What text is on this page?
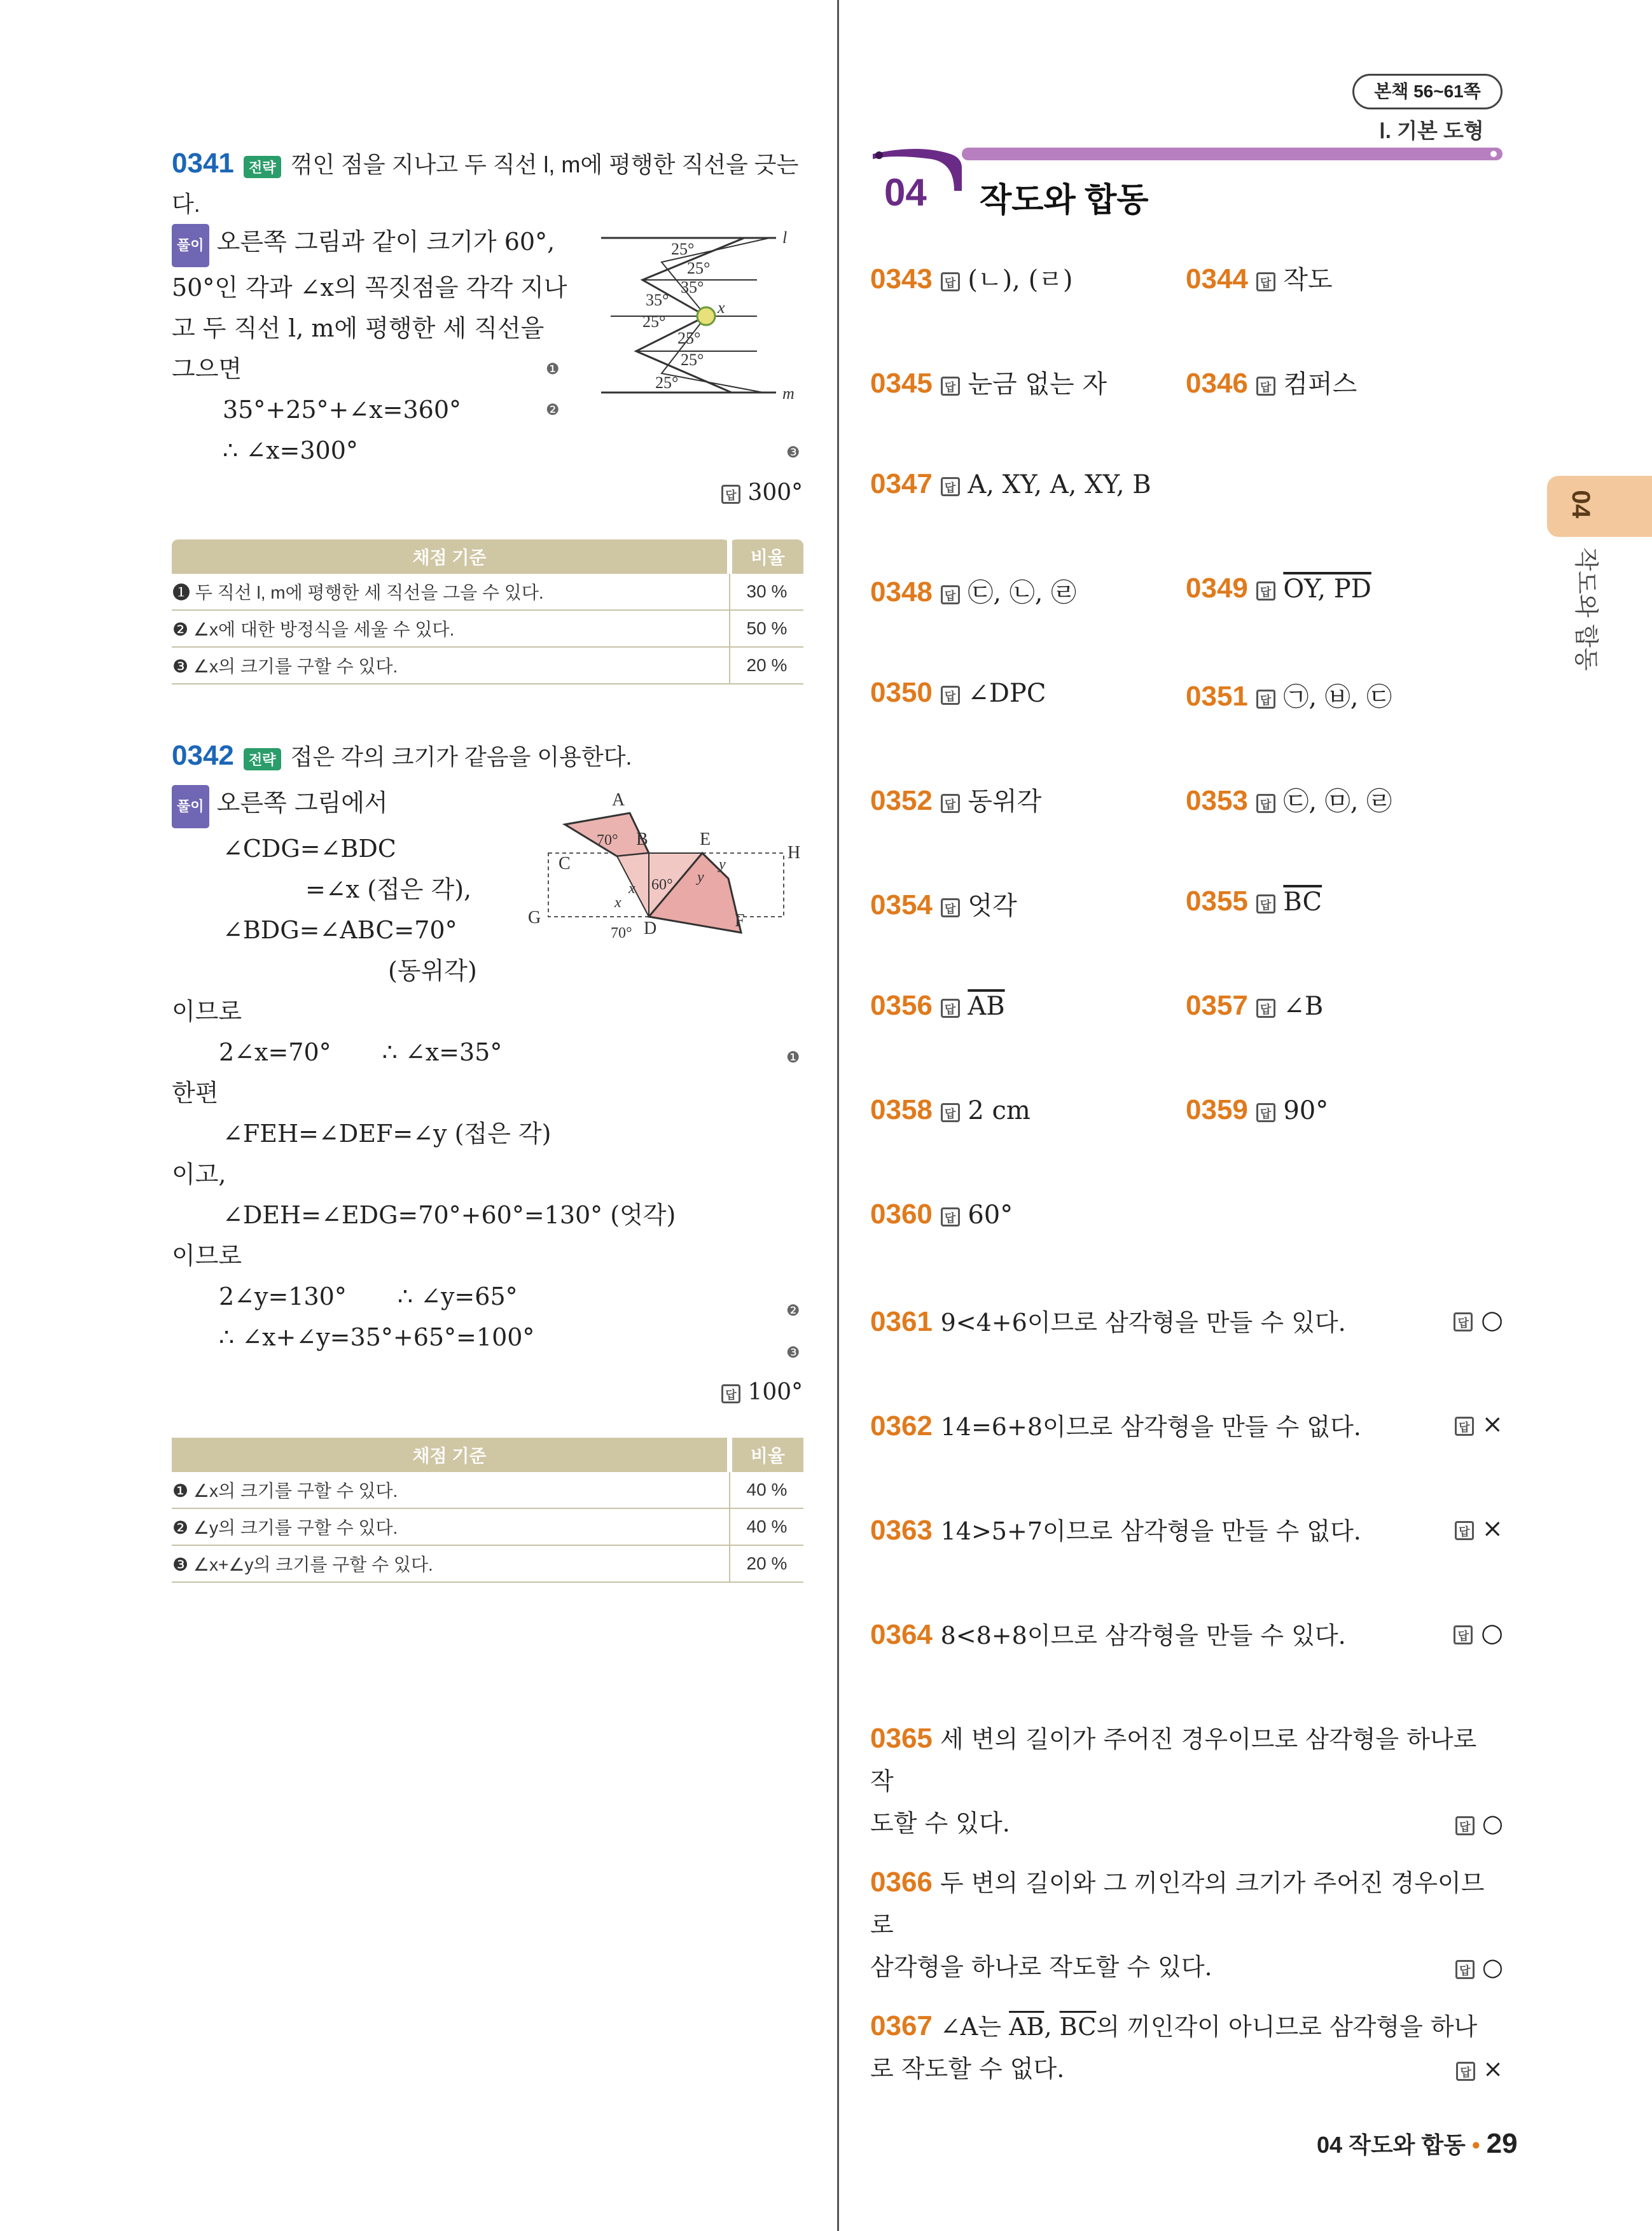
본책 56~61쪽
Ⅰ. 기본 도형
04 작도와 합동
04
작도와 합동
0341 전략 꺾인 점을 지나고 두 직선 l, m에 평행한 직선을 긋는다.
풀이 오른쪽 그림과 같이 크기가 60°,
50°인 각과 ∠x의 꼭짓점을 각각 지나
고 두 직선 l, m에 평행한 세 직선을
그으면
35°+25°+∠x=360°
∴ ∠x=300°
❶
❷
❸
답 300°
l
m
x
25°
25°
35°
35°
25°
25°
25°
25°
채점 기준	비율
❶ 두 직선 l, m에 평행한 세 직선을 그을 수 있다.	30 %
❷ ∠x에 대한 방정식을 세울 수 있다.	50 %
❸ ∠x의 크기를 구할 수 있다.	20 %
0342 전략 접은 각의 크기가 같음을 이용한다.
풀이 오른쪽 그림에서
∠CDG=∠BDC
=∠x (접은 각),
∠BDG=∠ABC=70°
(동위각)
이므로
2∠x=70° ∴ ∠x=35°
한편
∠FEH=∠DEF=∠y (접은 각)
이고,
∠DEH=∠EDG=70°+60°=130° (엇각)
이므로
2∠y=130° ∴ ∠y=65°
∴ ∠x+∠y=35°+65°=100°
❶
❷
❸
답 100°
A
B
C
D
E
F
G
H
70°
60°
70°
x
x
y
y
채점 기준	비율
❶ ∠x의 크기를 구할 수 있다.	40 %
❷ ∠y의 크기를 구할 수 있다.	40 %
❸ ∠x+∠y의 크기를 구할 수 있다.	20 %
0343 답 (ㄴ), (ㄹ)	0344 답 작도
0345 답 눈금 없는 자	0346 답 컴퍼스
0347 답 A, XY, A, XY, B
0348 답 ㉢, ㉡, ㉣	0349 답 OY, PD
0350 답 ∠DPC	0351 답 ㉠, ㉥, ㉢
0352 답 동위각	0353 답 ㉢, ㉤, ㉣
0354 답 엇각	0355 답 $\overline{BC}$
0356 답 $\overline{AB}$	0357 답 ∠B
0358 답 2 cm	0359 답 90°
0360 답 60°
0361 9<4+6이므로 삼각형을 만들 수 있다.	답 ○
0362 14=6+8이므로 삼각형을 만들 수 없다.	답 ×
0363 14>5+7이므로 삼각형을 만들 수 없다.	답 ×
0364 8<8+8이므로 삼각형을 만들 수 있다.	답 ○
0365 세 변의 길이가 주어진 경우이므로 삼각형을 하나로 작
도할 수 있다.	답 ○
0366 두 변의 길이와 그 끼인각의 크기가 주어진 경우이므로
삼각형을 하나로 작도할 수 있다.	답 ○
0367 ∠A는 $\overline{AB}$, $\overline{BC}$의 끼인각이 아니므로 삼각형을 하나
로 작도할 수 없다.	답 ×
04 작도와 합동 • 29
